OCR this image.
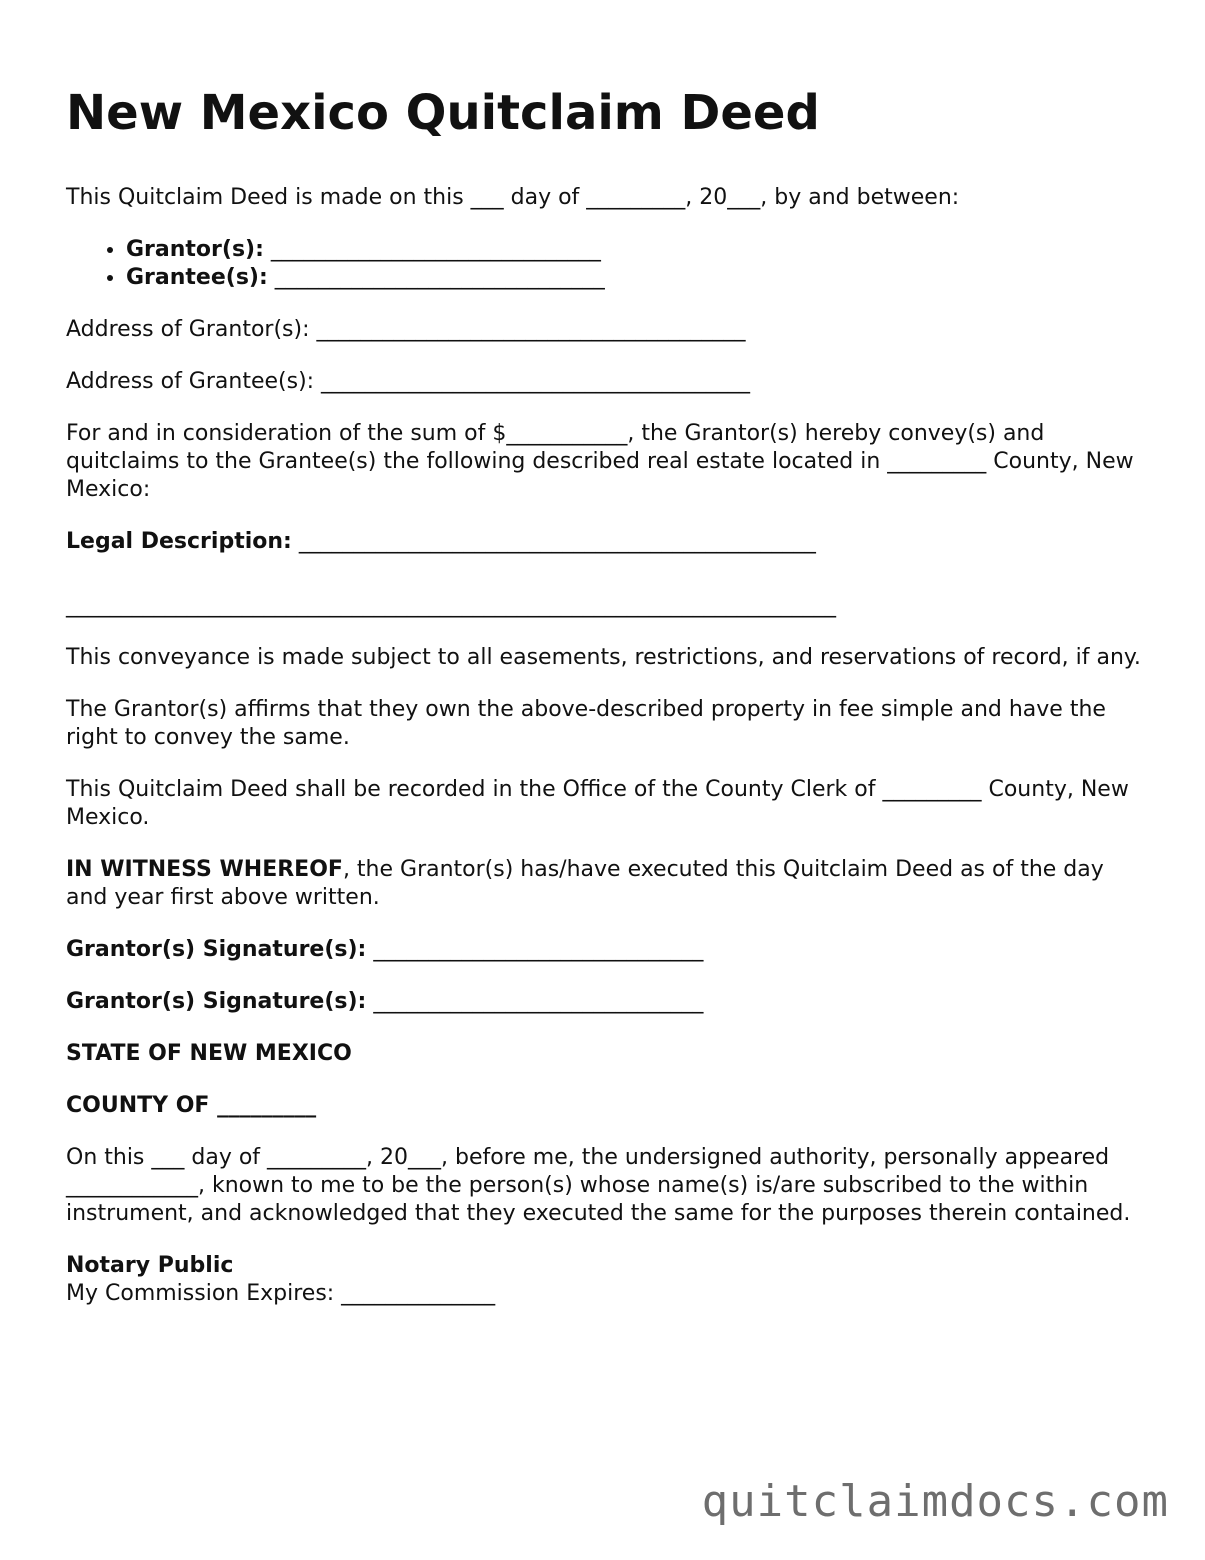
New Mexico Quitclaim Deed

This Quitclaim Deed is made on this ___ day of _________, 20___, by and between:

• Grantor(s): ______________________________
• Grantee(s): ______________________________

Address of Grantor(s): _______________________________________

Address of Grantee(s): _______________________________________

For and in consideration of the sum of $___________, the Grantor(s) hereby convey(s) and quitclaims to the Grantee(s) the following described real estate located in _________ County, New Mexico:

Legal Description: _______________________________________________

______________________________________________________________________

This conveyance is made subject to all easements, restrictions, and reservations of record, if any.

The Grantor(s) affirms that they own the above-described property in fee simple and have the right to convey the same.

This Quitclaim Deed shall be recorded in the Office of the County Clerk of _________ County, New Mexico.

IN WITNESS WHEREOF, the Grantor(s) has/have executed this Quitclaim Deed as of the day and year first above written.

Grantor(s) Signature(s): ______________________________

Grantor(s) Signature(s): ______________________________

STATE OF NEW MEXICO

COUNTY OF _________

On this ___ day of _________, 20___, before me, the undersigned authority, personally appeared ____________, known to me to be the person(s) whose name(s) is/are subscribed to the within instrument, and acknowledged that they executed the same for the purposes therein contained.

Notary Public

My Commission Expires: ______________

quitclaimdocs.com
